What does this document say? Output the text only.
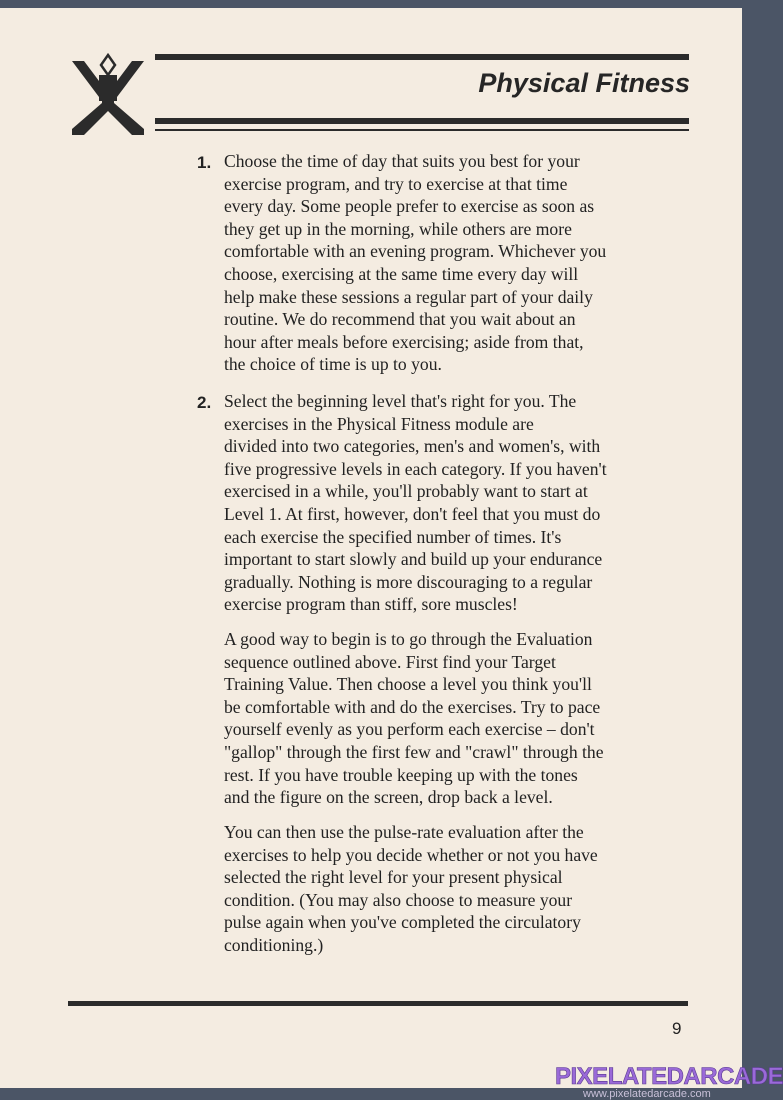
Physical Fitness
1. Choose the time of day that suits you best for your
exercise program, and try to exercise at that time
every day. Some people prefer to exercise as soon as
they get up in the morning, while others are more
comfortable with an evening program. Whichever you
choose, exercising at the same time every day will
help make these sessions a regular part of your daily
routine. We do recommend that you wait about an
hour after meals before exercising; aside from that,
the choice of time is up to you.
2. Select the beginning level that's right for you. The
exercises in the Physical Fitness module are
divided into two categories, men's and women's, with
five progressive levels in each category. If you haven't
exercised in a while, you'll probably want to start at
Level 1. At first, however, don't feel that you must do
each exercise the specified number of times. It's
important to start slowly and build up your endurance
gradually. Nothing is more discouraging to a regular
exercise program than stiff, sore muscles!
A good way to begin is to go through the Evaluation
sequence outlined above. First find your Target
Training Value. Then choose a level you think you'll
be comfortable with and do the exercises. Try to pace
yourself evenly as you perform each exercise – don't
"gallop" through the first few and "crawl" through the
rest. If you have trouble keeping up with the tones
and the figure on the screen, drop back a level.
You can then use the pulse-rate evaluation after the
exercises to help you decide whether or not you have
selected the right level for your present physical
condition. (You may also choose to measure your
pulse again when you've completed the circulatory
conditioning.)
9
PIXELATEDARCADE
www.pixelatedarcade.com
